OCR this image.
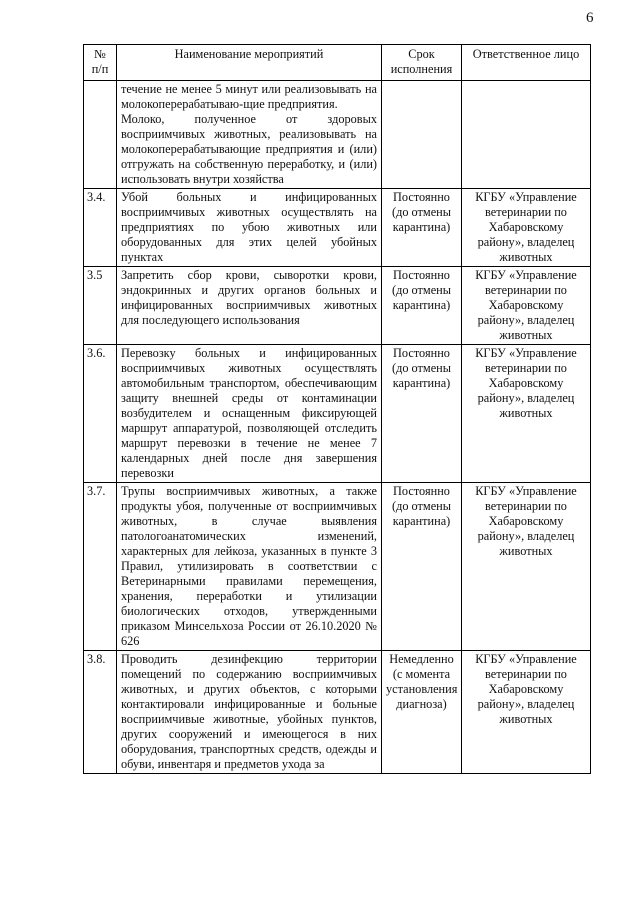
6
№ п/п	Наименование мероприятий	Срок исполнения	Ответственное лицо

	течение не менее 5 минут или реализовывать на молокоперерабатываю-щие предприятия.
Молоко, полученное от здоровых восприимчивых животных, реализовывать на молокоперерабатывающие предприятия и (или) отгружать на собственную переработку, и (или) использовать внутри хозяйства		

3.4.	Убой больных и инфицированных восприимчивых животных осуществлять на предприятиях по убою животных или оборудованных для этих целей убойных пунктах	Постоянно (до отмены карантина)	КГБУ «Управление ветеринарии по Хабаровскому району», владелец животных
3.5	Запретить сбор крови, сыворотки крови, эндокринных и других органов больных и инфицированных восприимчивых животных для последующего использования	Постоянно (до отмены карантина)	КГБУ «Управление ветеринарии по Хабаровскому району», владелец животных
3.6.	Перевозку больных и инфицированных восприимчивых животных осуществлять автомобильным транспортом, обеспечивающим защиту внешней среды от контаминации возбудителем и оснащенным фиксирующей маршрут аппаратурой, позволяющей отследить маршрут перевозки в течение не менее 7 календарных дней после дня завершения перевозки	Постоянно (до отмены карантина)	КГБУ «Управление ветеринарии по Хабаровскому району», владелец животных
3.7.	Трупы восприимчивых животных, а также продукты убоя, полученные от восприимчивых животных, в случае выявления патологоанатомических изменений, характерных для лейкоза, указанных в пункте 3 Правил, утилизировать в соответствии с Ветеринарными правилами перемещения, хранения, переработки и утилизации биологических отходов, утвержденными приказом Минсельхоза России от 26.10.2020 № 626	Постоянно (до отмены карантина)	КГБУ «Управление ветеринарии по Хабаровскому району», владелец животных
3.8.	Проводить дезинфекцию территории помещений по содержанию восприимчивых животных, и других объектов, с которыми контактировали инфицированные и больные восприимчивые животные, убойных пунктов, других сооружений и имеющегося в них оборудования, транспортных средств, одежды и обуви, инвентаря и предметов ухода за	Немедленно (с момента установления диагноза)	КГБУ «Управление ветеринарии по Хабаровскому району», владелец животных
